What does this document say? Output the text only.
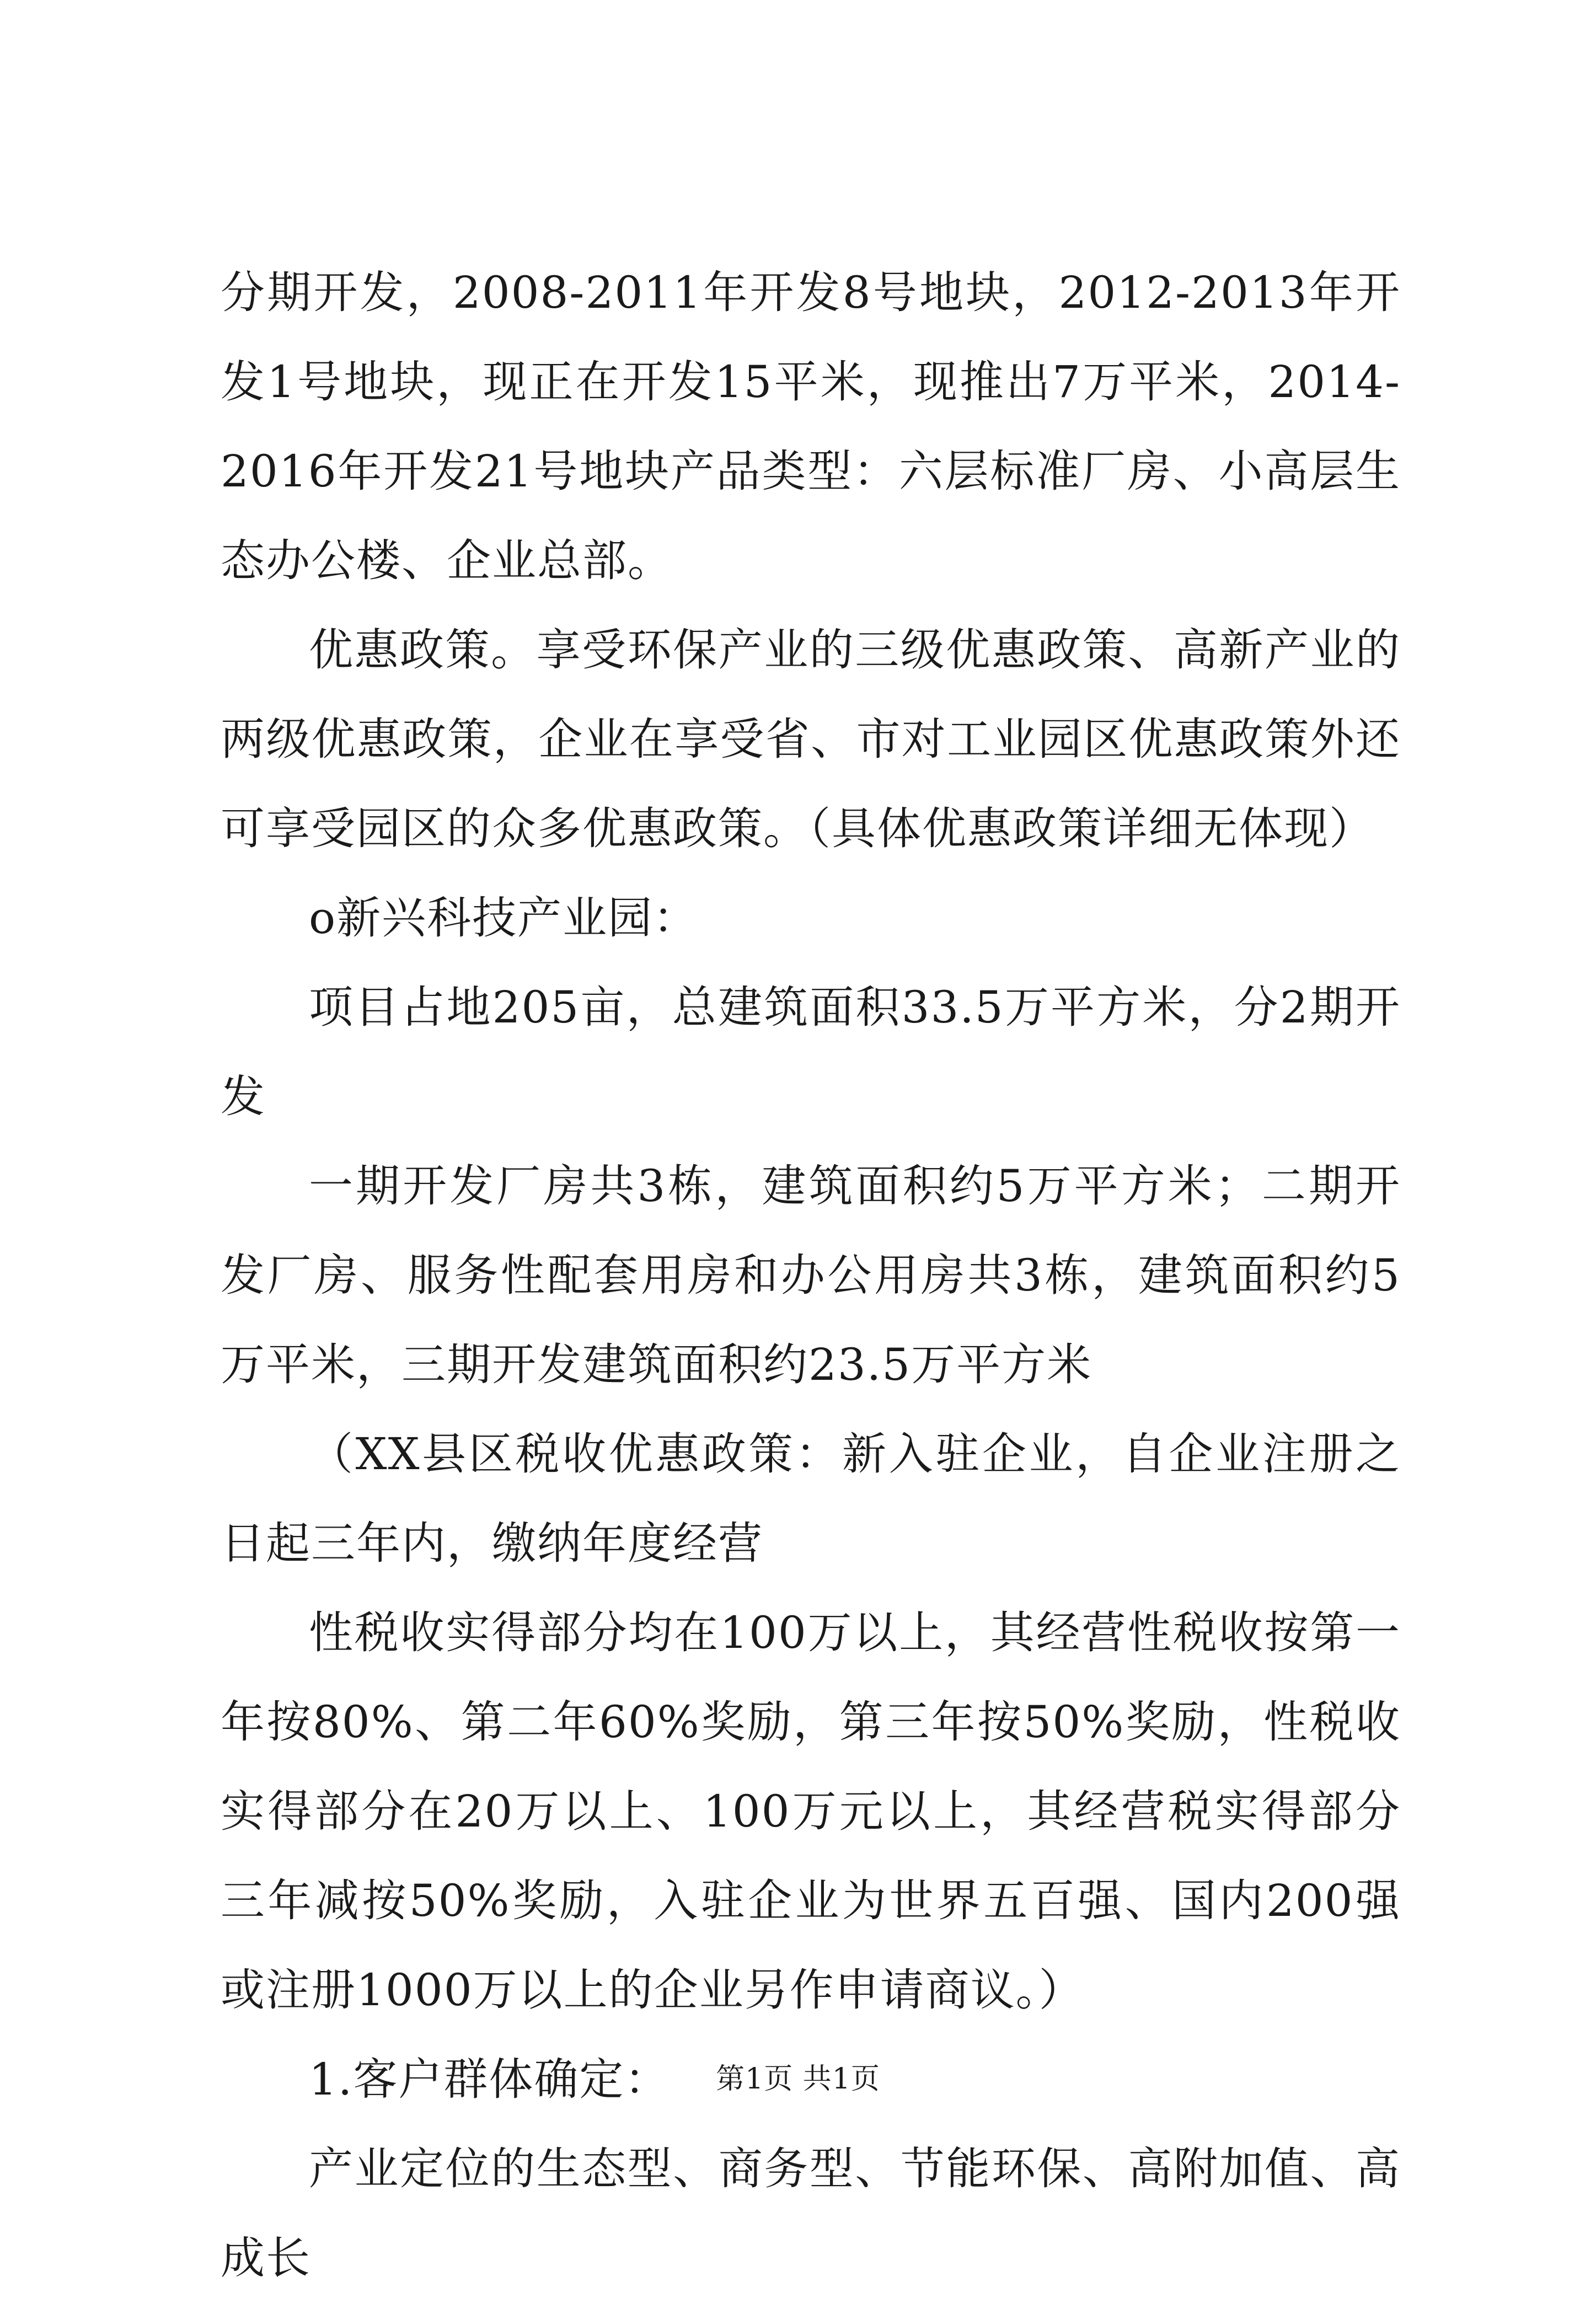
分期开发，2008-2011年开发8号地块，2012-2013年开发1号地块，现正在开发15平米，现推出7万平米，2014-2016年开发21号地块产品类型：六层标准厂房、小高层生态办公楼、企业总部。

优惠政策。享受环保产业的三级优惠政策、高新产业的两级优惠政策，企业在享受省、市对工业园区优惠政策外还可享受园区的众多优惠政策。（具体优惠政策详细无体现）

o新兴科技产业园：

项目占地205亩，总建筑面积33.5万平方米，分2期开发

一期开发厂房共3栋，建筑面积约5万平方米；二期开发厂房、服务性配套用房和办公用房共3栋，建筑面积约5万平米，三期开发建筑面积约23.5万平方米

（XX县区税收优惠政策：新入驻企业，自企业注册之日起三年内，缴纳年度经营

性税收实得部分均在100万以上，其经营性税收按第一年按80%、第二年60%奖励，第三年按50%奖励，性税收实得部分在20万以上、100万元以上，其经营税实得部分三年减按50%奖励，入驻企业为世界五百强、国内200强或注册1000万以上的企业另作申请商议。）

1.客户群体确定：

产业定位的生态型、商务型、节能环保、高附加值、高成长

第1页 共1页
